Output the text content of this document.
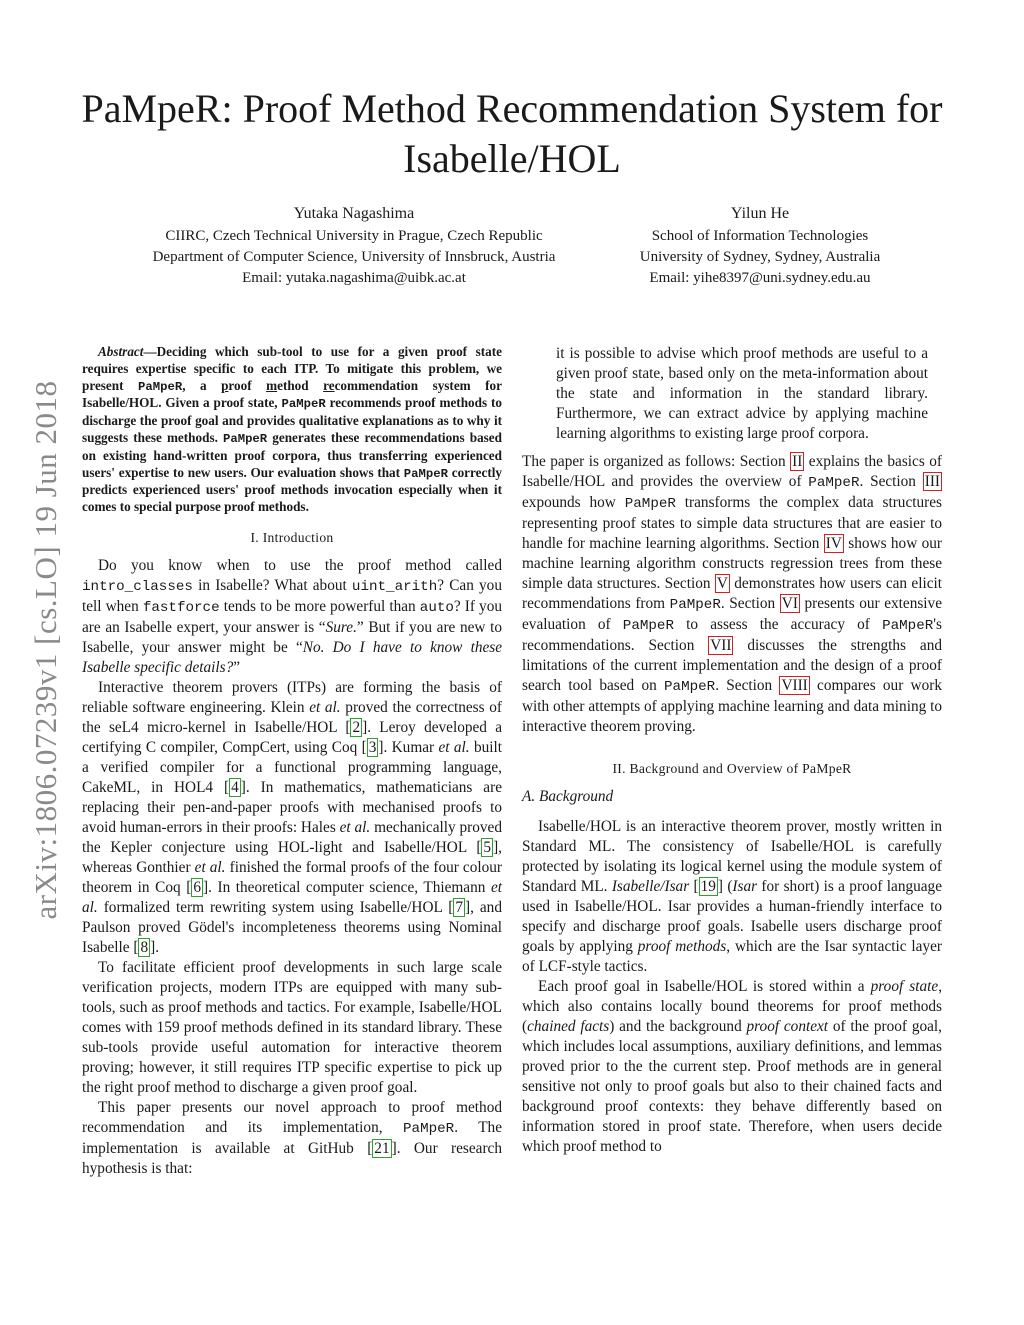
PaMpeR: Proof Method Recommendation System for Isabelle/HOL
Yutaka Nagashima
CIIRC, Czech Technical University in Prague, Czech Republic
Department of Computer Science, University of Innsbruck, Austria
Email: yutaka.nagashima@uibk.ac.at
Yilun He
School of Information Technologies
University of Sydney, Sydney, Australia
Email: yihe8397@uni.sydney.edu.au
arXiv:1806.07239v1 [cs.LO] 19 Jun 2018

Abstract—Deciding which sub-tool to use for a given proof state requires expertise specific to each ITP. To mitigate this problem, we present PaMpeR, a proof method recommendation system for Isabelle/HOL. Given a proof state, PaMpeR recommends proof methods to discharge the proof goal and provides qualitative explanations as to why it suggests these methods. PaMpeR generates these recommendations based on existing hand-written proof corpora, thus transferring experienced users' expertise to new users. Our evaluation shows that PaMpeR correctly predicts experienced users' proof methods invocation especially when it comes to special purpose proof methods.

I. Introduction

Do you know when to use the proof method called intro_classes in Isabelle? What about uint_arith? Can you tell when fastforce tends to be more powerful than auto? If you are an Isabelle expert, your answer is “Sure.” But if you are new to Isabelle, your answer might be “No. Do I have to know these Isabelle specific details?”

Interactive theorem provers (ITPs) are forming the basis of reliable software engineering. Klein et al. proved the correctness of the seL4 micro-kernel in Isabelle/HOL [ 2 ]. Leroy developed a certifying C compiler, CompCert, using Coq [ 3 ]. Kumar et al. built a verified compiler for a functional programming language, CakeML, in HOL4 [ 4 ]. In mathematics, mathematicians are replacing their pen-and-paper proofs with mechanised proofs to avoid human-errors in their proofs: Hales et al. mechanically proved the Kepler conjecture using HOL-light and Isabelle/HOL [ 5 ], whereas Gonthier et al. finished the formal proofs of the four colour theorem in Coq [ 6 ]. In theoretical computer science, Thiemann et al. formalized term rewriting system using Isabelle/HOL [ 7 ], and Paulson proved Gödel's incompleteness theorems using Nominal Isabelle [ 8 ].

To facilitate efficient proof developments in such large scale verification projects, modern ITPs are equipped with many sub-tools, such as proof methods and tactics. For example, Isabelle/HOL comes with 159 proof methods defined in its standard library. These sub-tools provide useful automation for interactive theorem proving; however, it still requires ITP specific expertise to pick up the right proof method to discharge a given proof goal.

This paper presents our novel approach to proof method recommendation and its implementation, PaMpeR. The implementation is available at GitHub [ 21 ]. Our research hypothesis is that:

it is possible to advise which proof methods are useful to a given proof state, based only on the meta-information about the state and information in the standard library. Furthermore, we can extract advice by applying machine learning algorithms to existing large proof corpora.

The paper is organized as follows: Section II explains the basics of Isabelle/HOL and provides the overview of PaMpeR. Section III expounds how PaMpeR transforms the complex data structures representing proof states to simple data structures that are easier to handle for machine learning algorithms. Section IV shows how our machine learning algorithm constructs regression trees from these simple data structures. Section V demonstrates how users can elicit recommendations from PaMpeR. Section VI presents our extensive evaluation of PaMpeR to assess the accuracy of PaMpeR's recommendations. Section VII discusses the strengths and limitations of the current implementation and the design of a proof search tool based on PaMpeR. Section VIII compares our work with other attempts of applying machine learning and data mining to interactive theorem proving.

II. Background and Overview of PaMpeR
A. Background

Isabelle/HOL is an interactive theorem prover, mostly written in Standard ML. The consistency of Isabelle/HOL is carefully protected by isolating its logical kernel using the module system of Standard ML. Isabelle/Isar [ 19 ] (Isar for short) is a proof language used in Isabelle/HOL. Isar provides a human-friendly interface to specify and discharge proof goals. Isabelle users discharge proof goals by applying proof methods, which are the Isar syntactic layer of LCF-style tactics.

Each proof goal in Isabelle/HOL is stored within a proof state, which also contains locally bound theorems for proof methods (chained facts) and the background proof context of the proof goal, which includes local assumptions, auxiliary definitions, and lemmas proved prior to the the current step. Proof methods are in general sensitive not only to proof goals but also to their chained facts and background proof contexts: they behave differently based on information stored in proof state. Therefore, when users decide which proof method to
